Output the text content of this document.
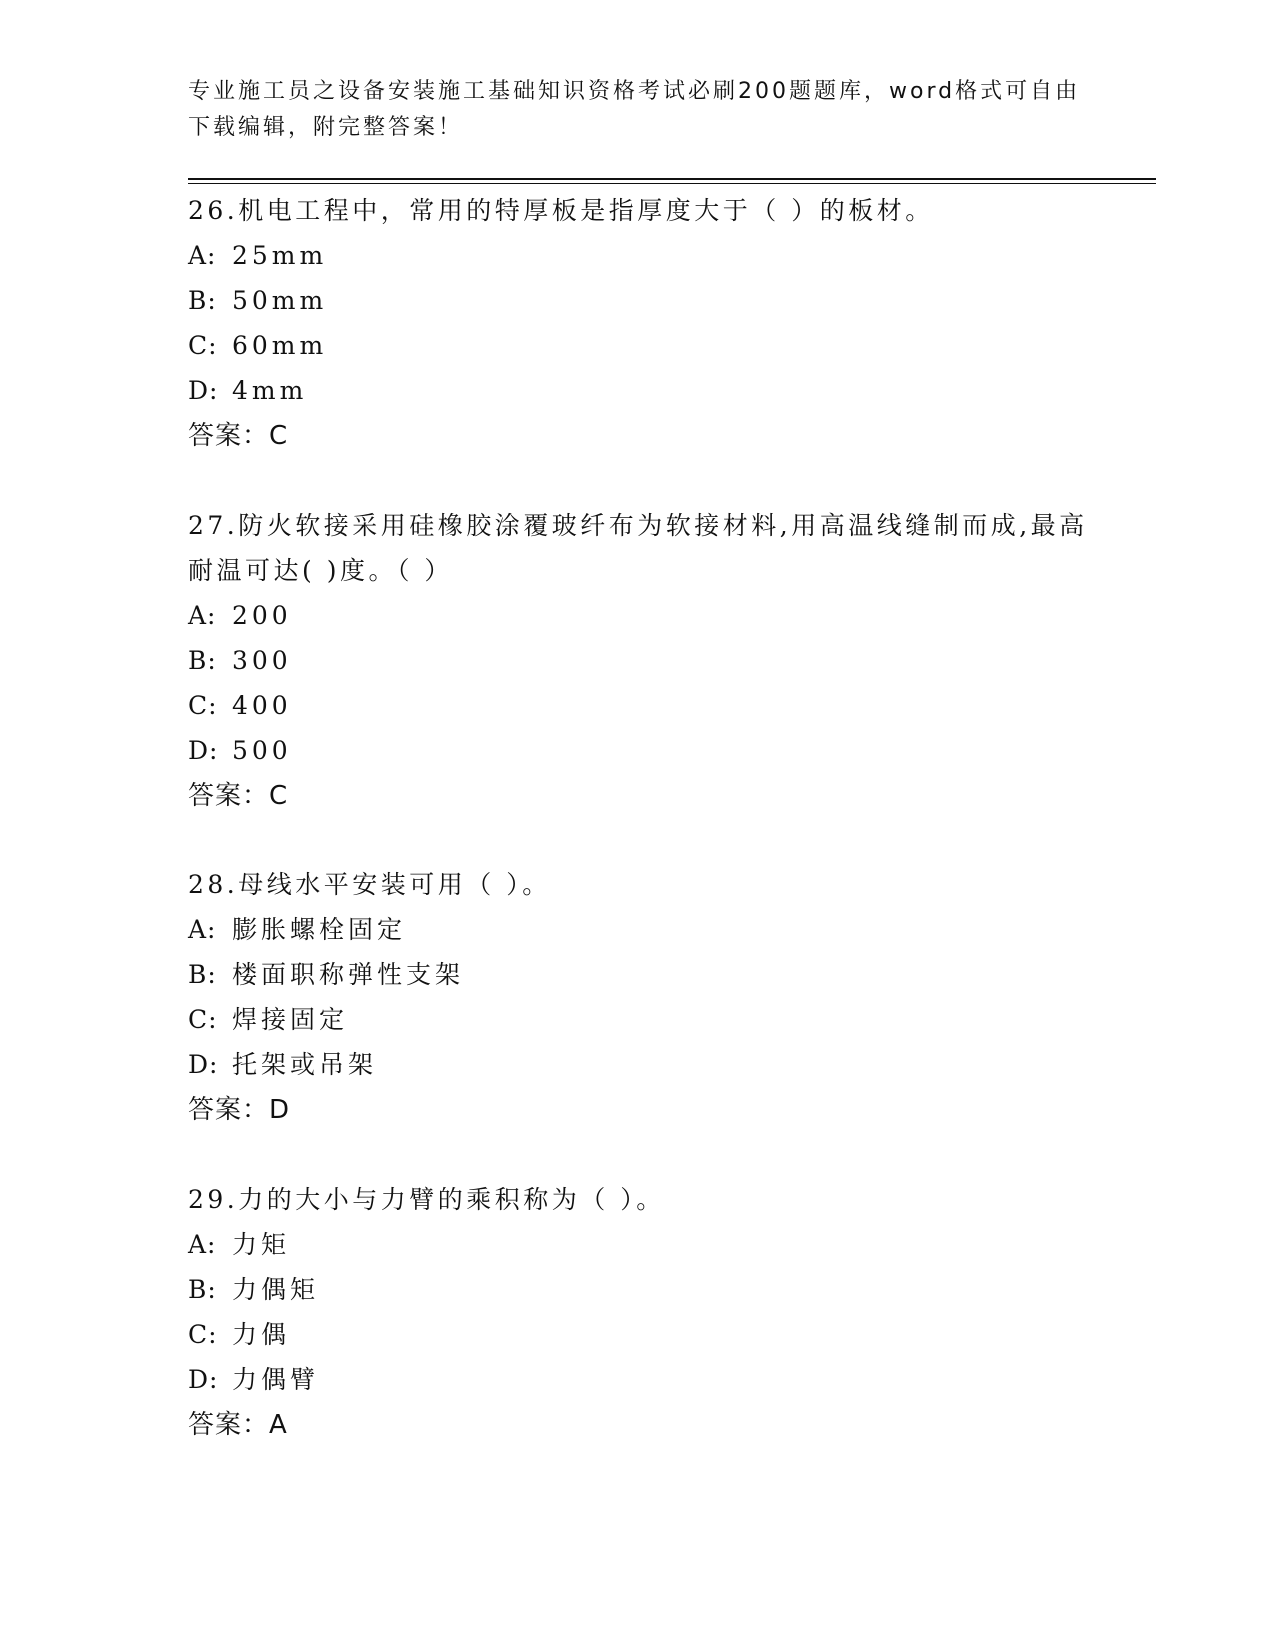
专业施工员之设备安装施工基础知识资格考试必刷200题题库，word格式可自由
下载编辑，附完整答案！

26.机电工程中，常用的特厚板是指厚度大于（ ）的板材。

A: 25mm

B: 50mm

C: 60mm

D: 4mm

答案：C

27.防火软接采用硅橡胶涂覆玻纤布为软接材料,用高温线缝制而成,最高耐温可达( )度。（ ）

A: 200

B: 300

C: 400

D: 500

答案：C

28.母线水平安装可用（ ）。

A: 膨胀螺栓固定

B: 楼面职称弹性支架

C: 焊接固定

D: 托架或吊架

答案：D

29.力的大小与力臂的乘积称为（ ）。

A: 力矩

B: 力偶矩

C: 力偶

D: 力偶臂

答案：A
